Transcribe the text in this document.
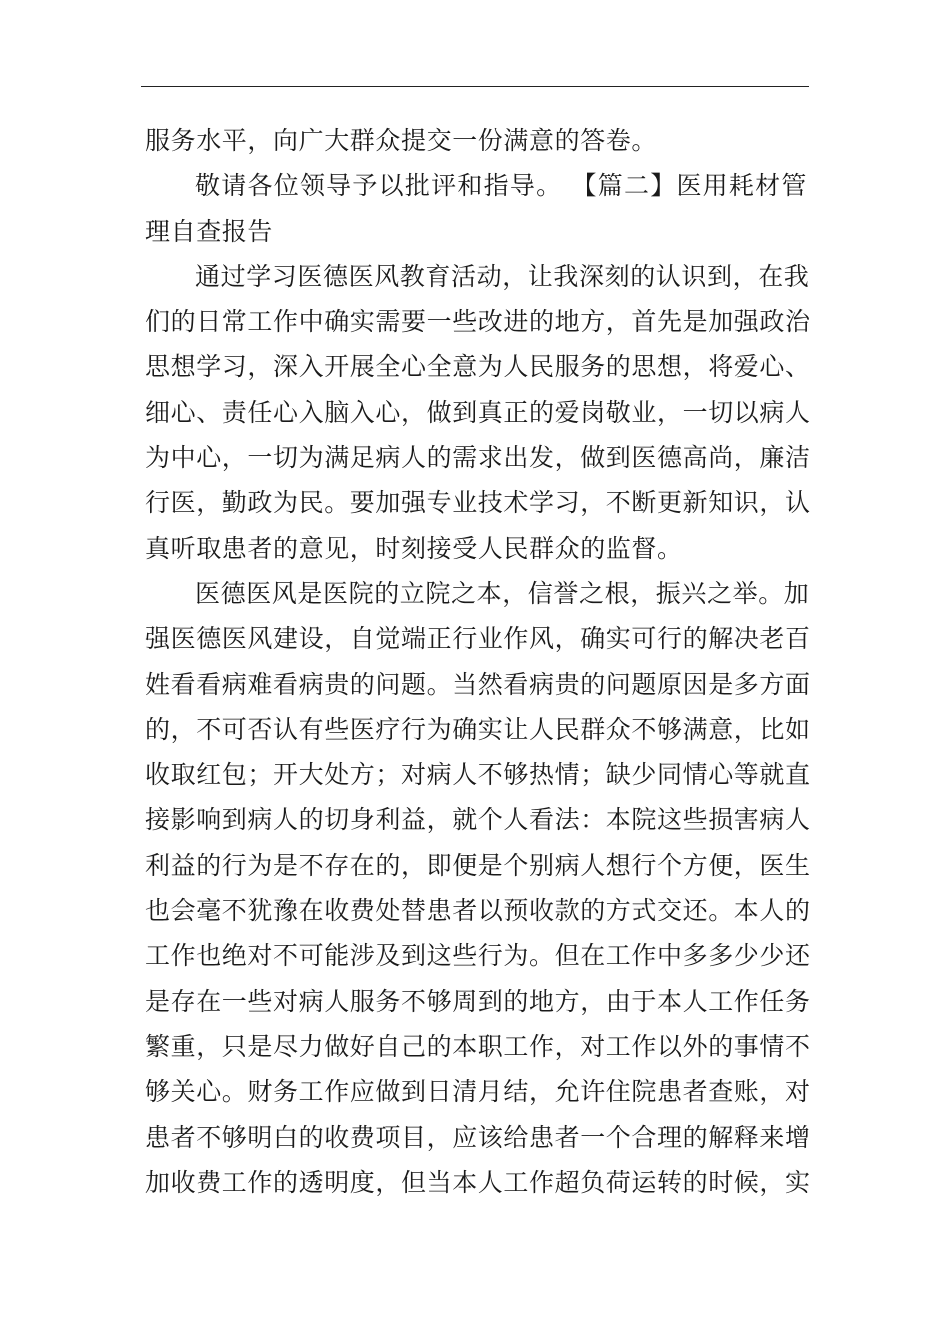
服务水平，向广大群众提交一份满意的答卷。
敬请各位领导予以批评和指导。 【篇二】医用耗材管
理自查报告
通过学习医德医风教育活动，让我深刻的认识到，在我
们的日常工作中确实需要一些改进的地方，首先是加强政治
思想学习，深入开展全心全意为人民服务的思想，将爱心、
细心、责任心入脑入心，做到真正的爱岗敬业，一切以病人
为中心，一切为满足病人的需求出发，做到医德高尚，廉洁
行医，勤政为民。要加强专业技术学习，不断更新知识，认
真听取患者的意见，时刻接受人民群众的监督。
医德医风是医院的立院之本，信誉之根，振兴之举。加
强医德医风建设，自觉端正行业作风，确实可行的解决老百
姓看看病难看病贵的问题。当然看病贵的问题原因是多方面
的，不可否认有些医疗行为确实让人民群众不够满意，比如
收取红包；开大处方；对病人不够热情；缺少同情心等就直
接影响到病人的切身利益，就个人看法：本院这些损害病人
利益的行为是不存在的，即便是个别病人想行个方便，医生
也会毫不犹豫在收费处替患者以预收款的方式交还。本人的
工作也绝对不可能涉及到这些行为。但在工作中多多少少还
是存在一些对病人服务不够周到的地方，由于本人工作任务
繁重，只是尽力做好自己的本职工作，对工作以外的事情不
够关心。财务工作应做到日清月结，允许住院患者查账，对
患者不够明白的收费项目，应该给患者一个合理的解释来增
加收费工作的透明度，但当本人工作超负荷运转的时候，实
